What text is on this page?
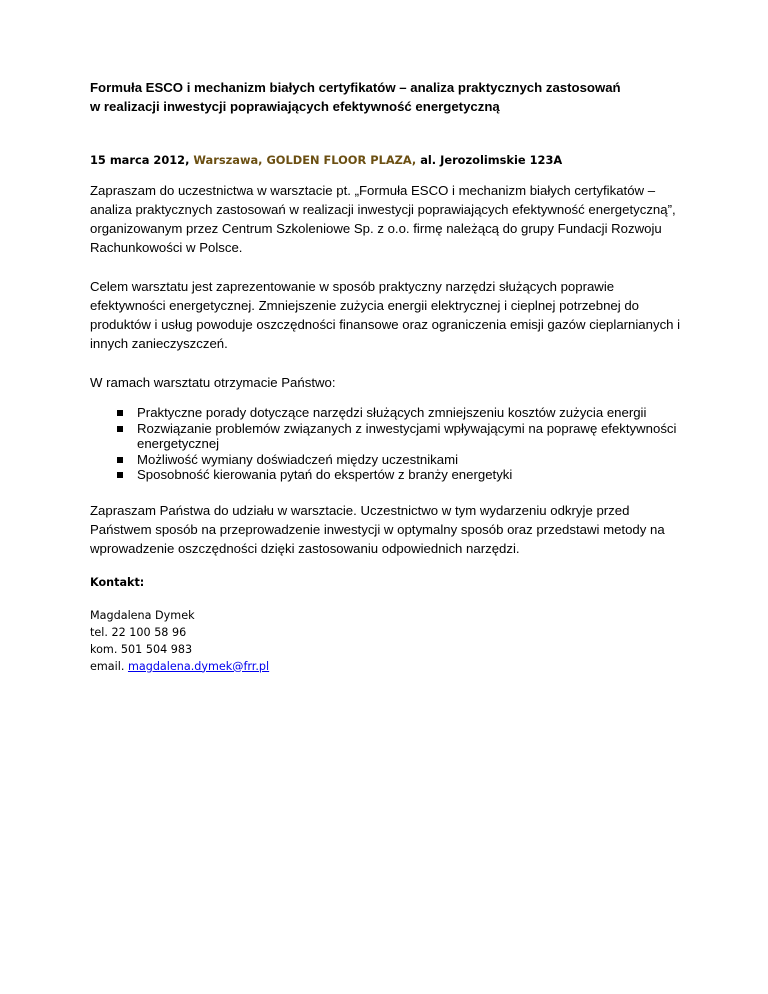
Formuła ESCO i mechanizm białych certyfikatów – analiza praktycznych zastosowań
w realizacji inwestycji poprawiających efektywność energetyczną
15 marca 2012, Warszawa, GOLDEN FLOOR PLAZA, al. Jerozolimskie 123A

Zapraszam do uczestnictwa w warsztacie pt. „Formuła ESCO i mechanizm białych certyfikatów – analiza praktycznych zastosowań w realizacji inwestycji poprawiających efektywność energetyczną”, organizowanym przez Centrum Szkoleniowe Sp. z o.o. firmę należącą do grupy Fundacji Rozwoju Rachunkowości w Polsce.

Celem warsztatu jest zaprezentowanie w sposób praktyczny narzędzi służących poprawie efektywności energetycznej. Zmniejszenie zużycia energii elektrycznej i cieplnej potrzebnej do produktów i usług powoduje oszczędności finansowe oraz ograniczenia emisji gazów cieplarnianych i innych zanieczyszczeń.

W ramach warsztatu otrzymacie Państwo:

Praktyczne porady dotyczące narzędzi służących zmniejszeniu kosztów zużycia energii
Rozwiązanie problemów związanych z inwestycjami wpływającymi na poprawę efektywności energetycznej
Możliwość wymiany doświadczeń między uczestnikami
Sposobność kierowania pytań do ekspertów z branży energetyki

Zapraszam Państwa do udziału w warsztacie. Uczestnictwo w tym wydarzeniu odkryje przed Państwem sposób na przeprowadzenie inwestycji w optymalny sposób oraz przedstawi metody na wprowadzenie oszczędności dzięki zastosowaniu odpowiednich narzędzi.

Kontakt:
Magdalena Dymek
tel. 22 100 58 96
kom. 501 504 983
email. magdalena.dymek@frr.pl
